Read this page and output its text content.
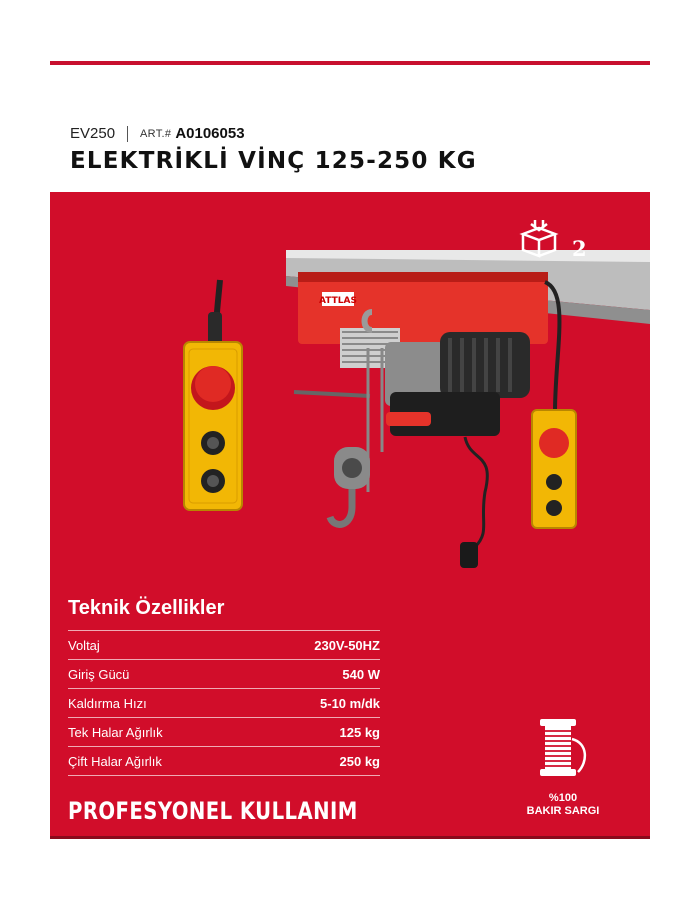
EV250 ART.# A0106053
ELEKTRİKLİ VİNÇ 125-250 KG
ATTLAS
2
Teknik Özellikler
Voltaj	230V-50HZ
Giriş Gücü	540 W
Kaldırma Hızı	5-10 m/dk
Tek Halar Ağırlık	125 kg
Çift Halar Ağırlık	250 kg
PROFESYONEL KULLANIM	%100
BAKIR SARGI
